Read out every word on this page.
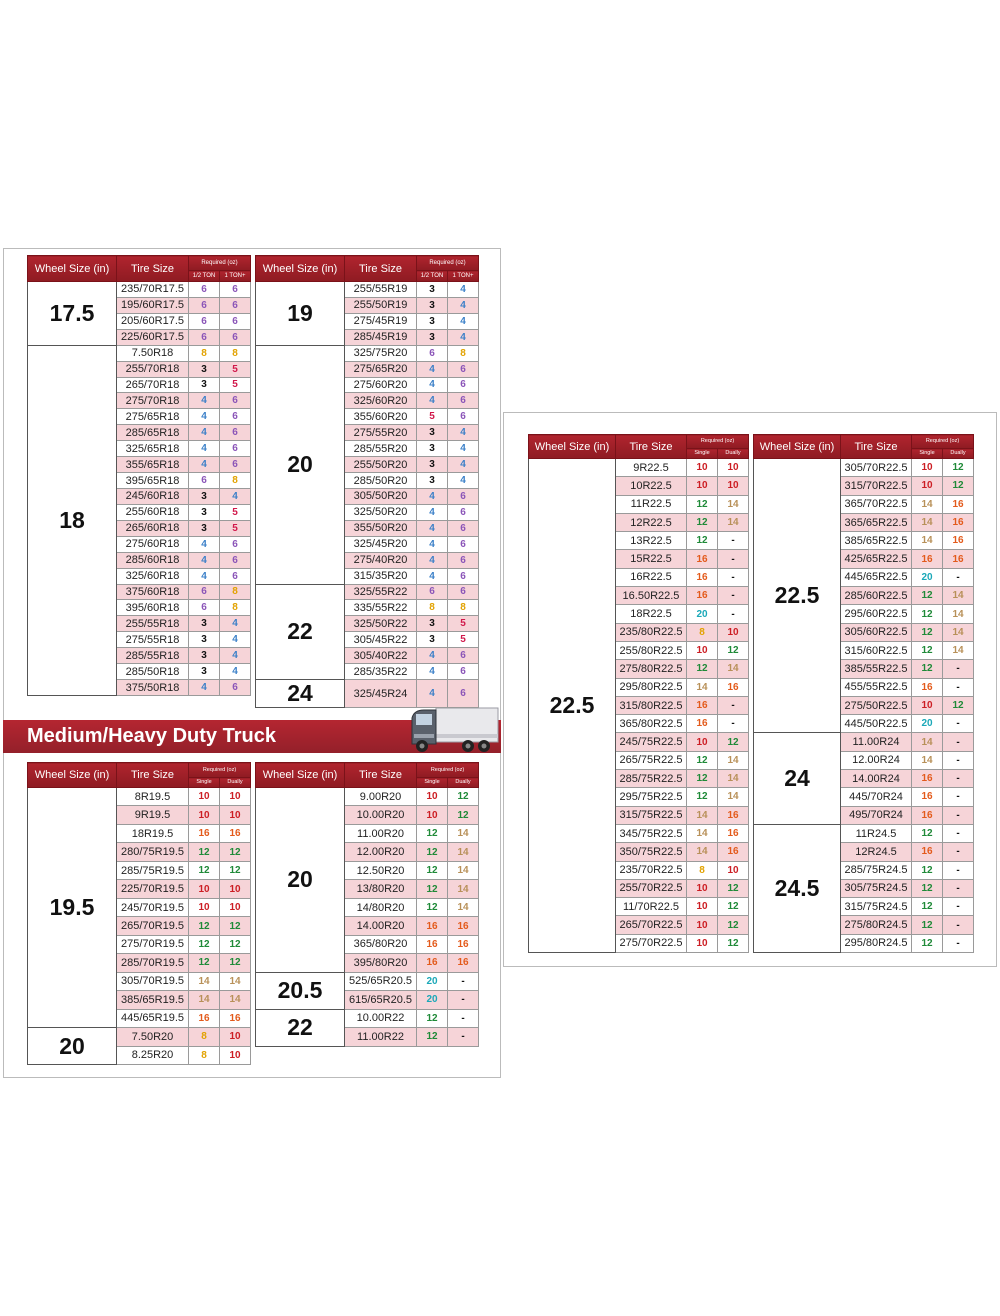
Medium/Heavy Duty Truck
Wheel Size (in)	Tire Size	Required (oz)	
		1/2 TON	1 TON+
17.5	235/70R17.5	6	6
	195/60R17.5	6	6
	205/60R17.5	6	6
	225/60R17.5	6	6
18	7.50R18	8	8
	255/70R18	3	5
	265/70R18	3	5
	275/70R18	4	6
	275/65R18	4	6
	285/65R18	4	6
	325/65R18	4	6
	355/65R18	4	6
	395/65R18	6	8
	245/60R18	3	4
	255/60R18	3	5
	265/60R18	3	5
	275/60R18	4	6
	285/60R18	4	6
	325/60R18	4	6
	375/60R18	6	8
	395/60R18	6	8
	255/55R18	3	4
	275/55R18	3	4
	285/55R18	3	4
	285/50R18	3	4
	375/50R18	4	6
Wheel Size (in)	Tire Size	Required (oz)	
		1/2 TON	1 TON+
19	255/55R19	3	4
	255/50R19	3	4
	275/45R19	3	4
	285/45R19	3	4
20	325/75R20	6	8
	275/65R20	4	6
	275/60R20	4	6
	325/60R20	4	6
	355/60R20	5	6
	275/55R20	3	4
	285/55R20	3	4
	255/50R20	3	4
	285/50R20	3	4
	305/50R20	4	6
	325/50R20	4	6
	355/50R20	4	6
	325/45R20	4	6
	275/40R20	4	6
	315/35R20	4	6
22	325/55R22	6	6
	335/55R22	8	8
	325/50R22	3	5
	305/45R22	3	5
	305/40R22	4	6
	285/35R22	4	6
24	325/45R24	4	6
Wheel Size (in)	Tire Size	Required (oz)	
		Single	Dually
19.5	8R19.5	10	10
	9R19.5	10	10
	18R19.5	16	16
	280/75R19.5	12	12
	285/75R19.5	12	12
	225/70R19.5	10	10
	245/70R19.5	10	10
	265/70R19.5	12	12
	275/70R19.5	12	12
	285/70R19.5	12	12
	305/70R19.5	14	14
	385/65R19.5	14	14
	445/65R19.5	16	16
20	7.50R20	8	10
	8.25R20	8	10
Wheel Size (in)	Tire Size	Required (oz)	
		Single	Dually
20	9.00R20	10	12
	10.00R20	10	12
	11.00R20	12	14
	12.00R20	12	14
	12.50R20	12	14
	13/80R20	12	14
	14/80R20	12	14
	14.00R20	16	16
	365/80R20	16	16
	395/80R20	16	16
20.5	525/65R20.5	20	-
	615/65R20.5	20	-
22	10.00R22	12	-
	11.00R22	12	-
Wheel Size (in)	Tire Size	Required (oz)	
		Single	Dually
22.5	9R22.5	10	10
	10R22.5	10	10
	11R22.5	12	14
	12R22.5	12	14
	13R22.5	12	-
	15R22.5	16	-
	16R22.5	16	-
	16.50R22.5	16	-
	18R22.5	20	-
	235/80R22.5	8	10
	255/80R22.5	10	12
	275/80R22.5	12	14
	295/80R22.5	14	16
	315/80R22.5	16	-
	365/80R22.5	16	-
	245/75R22.5	10	12
	265/75R22.5	12	14
	285/75R22.5	12	14
	295/75R22.5	12	14
	315/75R22.5	14	16
	345/75R22.5	14	16
	350/75R22.5	14	16
	235/70R22.5	8	10
	255/70R22.5	10	12
	11/70R22.5	10	12
	265/70R22.5	10	12
	275/70R22.5	10	12
Wheel Size (in)	Tire Size	Required (oz)	
		Single	Dually
22.5	305/70R22.5	10	12
	315/70R22.5	10	12
	365/70R22.5	14	16
	365/65R22.5	14	16
	385/65R22.5	14	16
	425/65R22.5	16	16
	445/65R22.5	20	-
	285/60R22.5	12	14
	295/60R22.5	12	14
	305/60R22.5	12	14
	315/60R22.5	12	14
	385/55R22.5	12	-
	455/55R22.5	16	-
	275/50R22.5	10	12
	445/50R22.5	20	-
24	11.00R24	14	-
	12.00R24	14	-
	14.00R24	16	-
	445/70R24	16	-
	495/70R24	16	-
24.5	11R24.5	12	-
	12R24.5	16	-
	285/75R24.5	12	-
	305/75R24.5	12	-
	315/75R24.5	12	-
	275/80R24.5	12	-
	295/80R24.5	12	-
